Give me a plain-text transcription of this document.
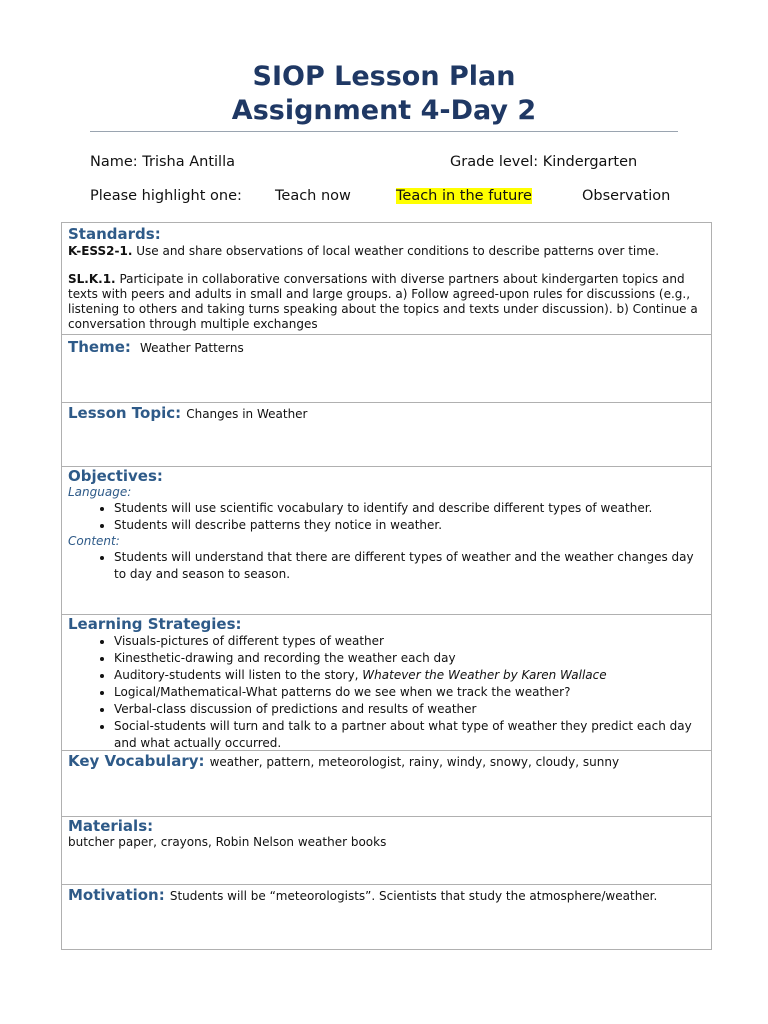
SIOP Lesson Plan
Assignment 4-Day 2
Name: Trisha Antilla	Grade level: Kindergarten
Please highlight one: Teach now	Teach in the future	Observation
Standards:
K-ESS2-1. Use and share observations of local weather conditions to describe patterns over time.
SL.K.1. Participate in collaborative conversations with diverse partners about kindergarten topics and texts with peers and adults in small and large groups. a) Follow agreed-upon rules for discussions (e.g., listening to others and taking turns speaking about the topics and texts under discussion). b) Continue a conversation through multiple exchanges
Theme: Weather Patterns
Lesson Topic: Changes in Weather
Objectives:
Language:
• Students will use scientific vocabulary to identify and describe different types of weather.
• Students will describe patterns they notice in weather.
Content:
• Students will understand that there are different types of weather and the weather changes day to day and season to season.
Learning Strategies:
• Visuals-pictures of different types of weather
• Kinesthetic-drawing and recording the weather each day
• Auditory-students will listen to the story, Whatever the Weather by Karen Wallace
• Logical/Mathematical-What patterns do we see when we track the weather?
• Verbal-class discussion of predictions and results of weather
• Social-students will turn and talk to a partner about what type of weather they predict each day and what actually occurred.
Key Vocabulary: weather, pattern, meteorologist, rainy, windy, snowy, cloudy, sunny
Materials:
butcher paper, crayons, Robin Nelson weather books
Motivation: Students will be “meteorologists”. Scientists that study the atmosphere/weather.
